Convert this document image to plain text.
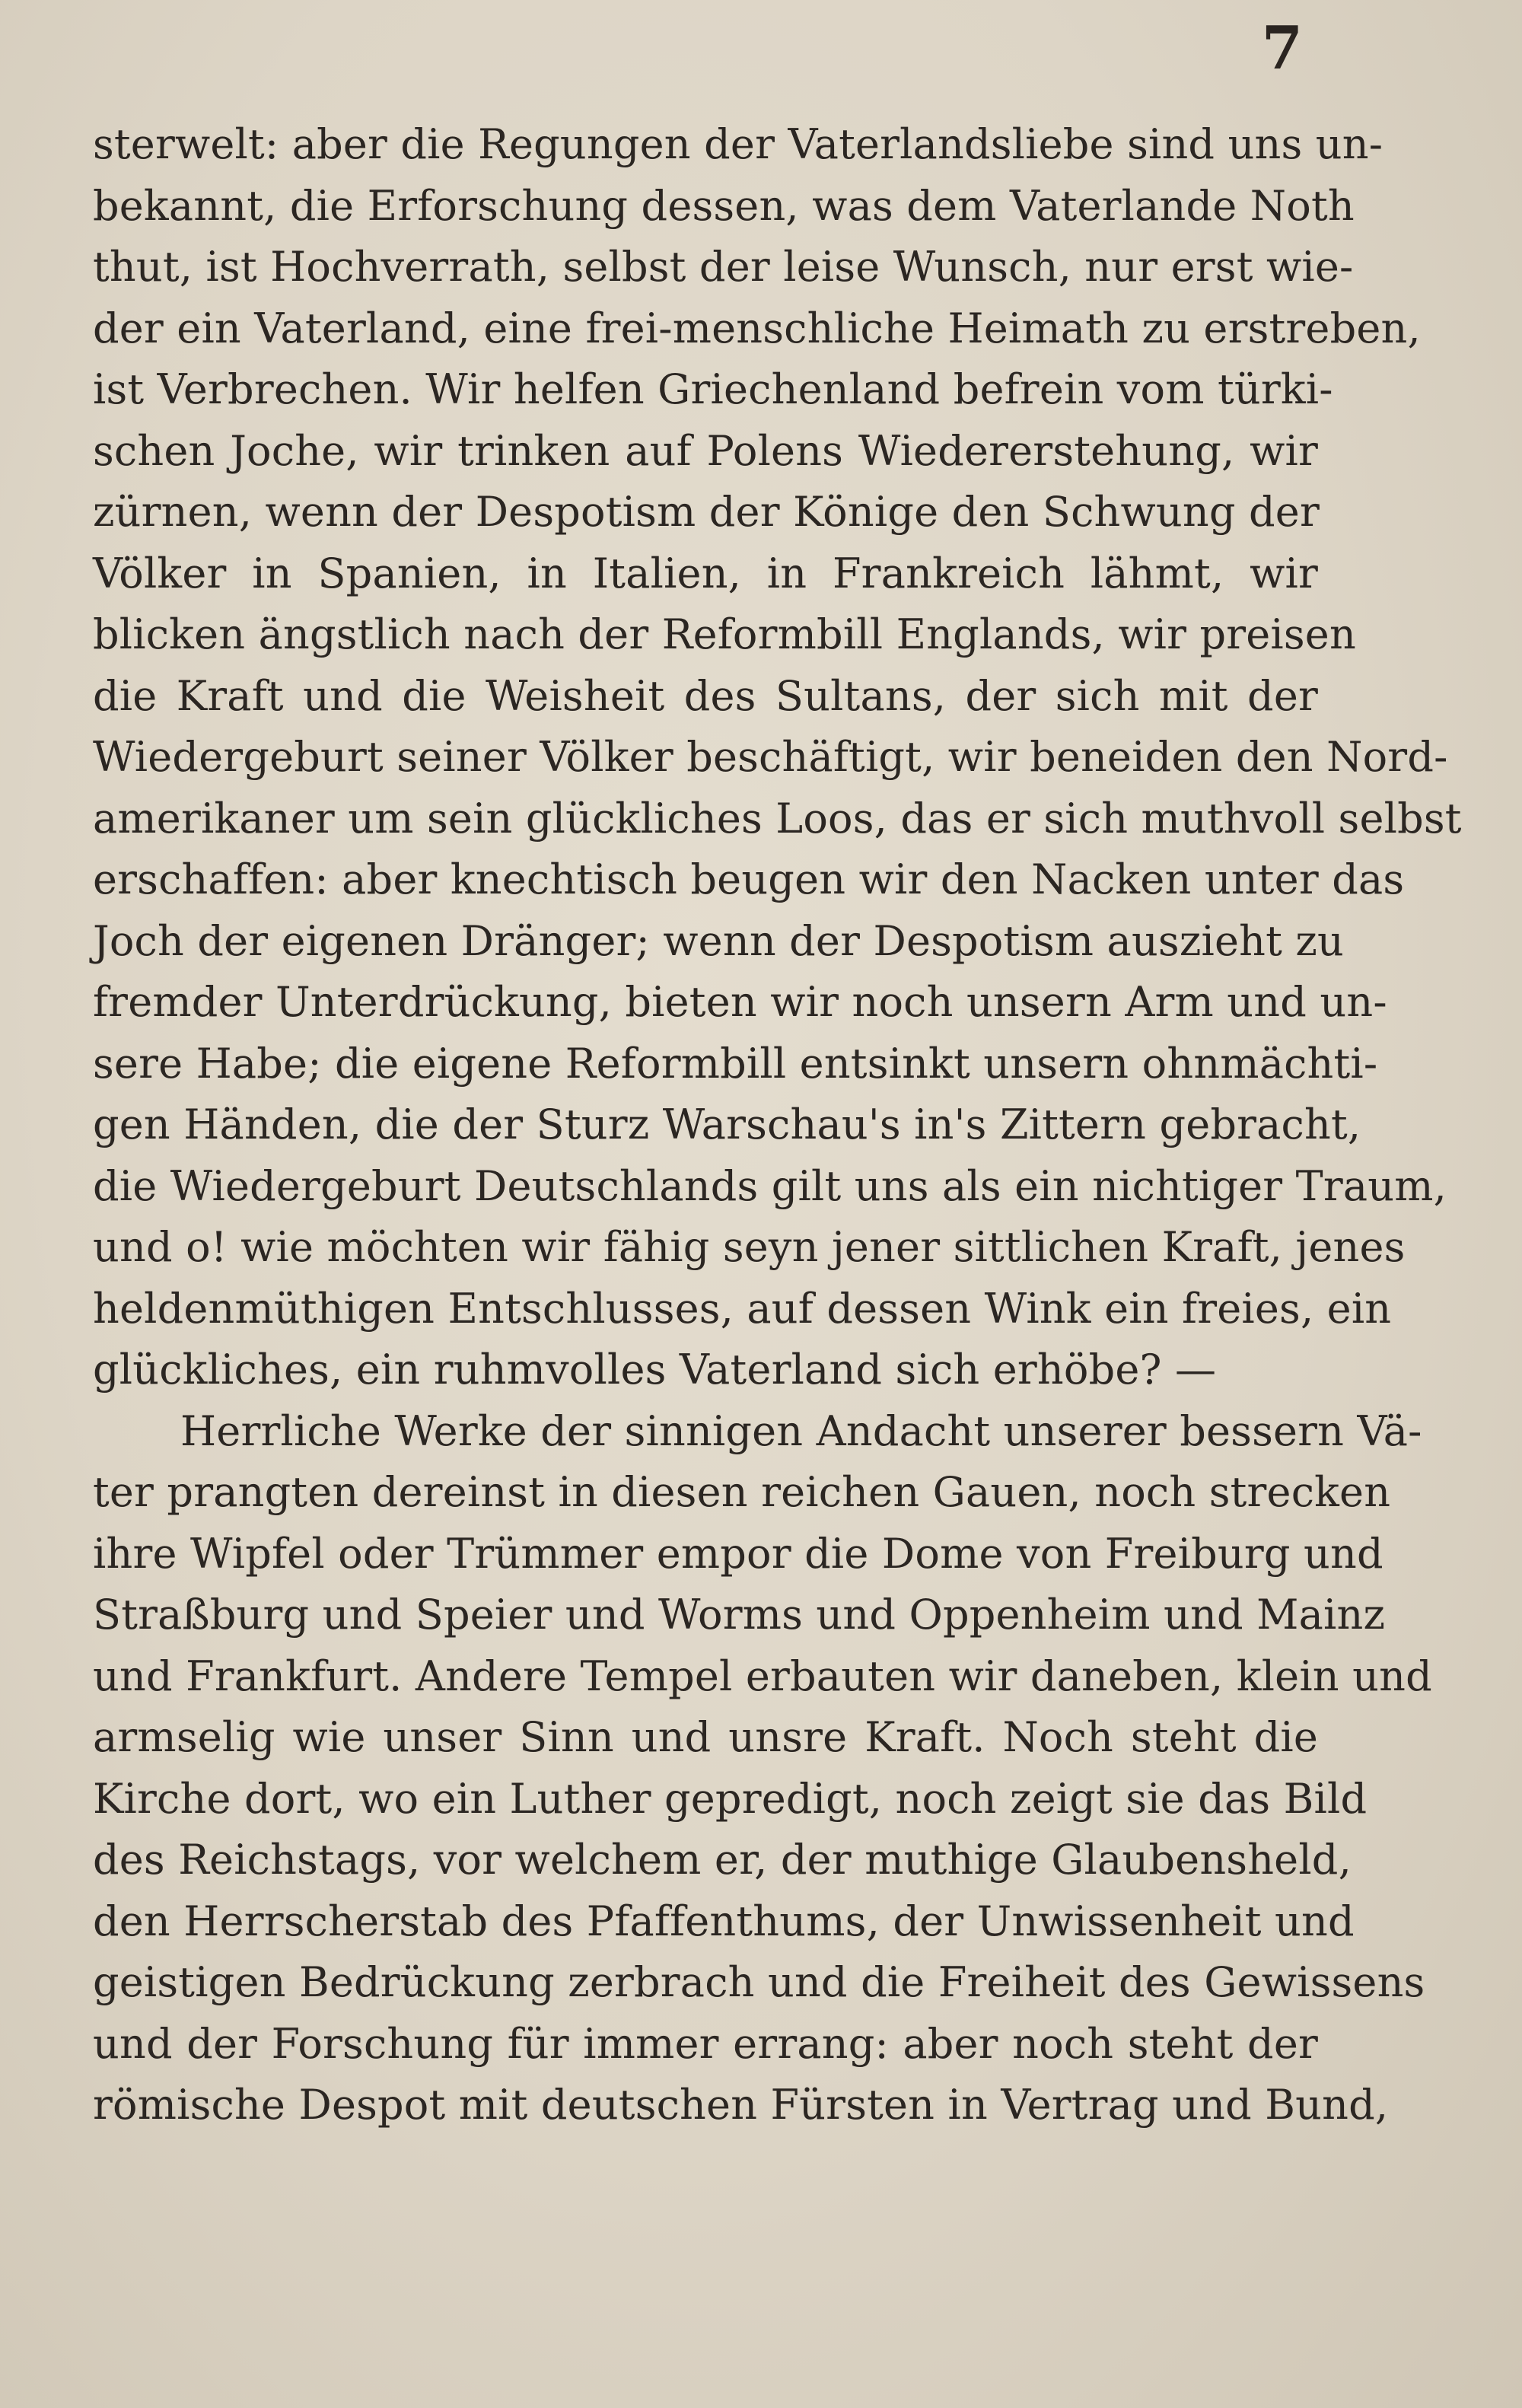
7
sterwelt: aber die Regungen der Vaterlandsliebe sind uns un-
bekannt, die Erforschung dessen, was dem Vaterlande Noth
thut, ist Hochverrath, selbst der leise Wunsch, nur erst wie-
der ein Vaterland, eine frei-menschliche Heimath zu erstreben,
ist Verbrechen. Wir helfen Griechenland befrein vom türki-
schen Joche, wir trinken auf Polens Wiedererstehung, wir
zürnen, wenn der Despotism der Könige den Schwung der
Völker in Spanien, in Italien, in Frankreich lähmt, wir
blicken ängstlich nach der Reformbill Englands, wir preisen
die Kraft und die Weisheit des Sultans, der sich mit der
Wiedergeburt seiner Völker beschäftigt, wir beneiden den Nord-
amerikaner um sein glückliches Loos, das er sich muthvoll selbst
erschaffen: aber knechtisch beugen wir den Nacken unter das
Joch der eigenen Dränger; wenn der Despotism auszieht zu
fremder Unterdrückung, bieten wir noch unsern Arm und un-
sere Habe; die eigene Reformbill entsinkt unsern ohnmächti-
gen Händen, die der Sturz Warschau's in's Zittern gebracht,
die Wiedergeburt Deutschlands gilt uns als ein nichtiger Traum,
und o! wie möchten wir fähig seyn jener sittlichen Kraft, jenes
heldenmüthigen Entschlusses, auf dessen Wink ein freies, ein
glückliches, ein ruhmvolles Vaterland sich erhöbe? —
Herrliche Werke der sinnigen Andacht unserer bessern Vä-
ter prangten dereinst in diesen reichen Gauen, noch strecken
ihre Wipfel oder Trümmer empor die Dome von Freiburg und
Straßburg und Speier und Worms und Oppenheim und Mainz
und Frankfurt. Andere Tempel erbauten wir daneben, klein und
armselig wie unser Sinn und unsre Kraft. Noch steht die
Kirche dort, wo ein Luther gepredigt, noch zeigt sie das Bild
des Reichstags, vor welchem er, der muthige Glaubensheld,
den Herrscherstab des Pfaffenthums, der Unwissenheit und
geistigen Bedrückung zerbrach und die Freiheit des Gewissens
und der Forschung für immer errang: aber noch steht der
römische Despot mit deutschen Fürsten in Vertrag und Bund,
